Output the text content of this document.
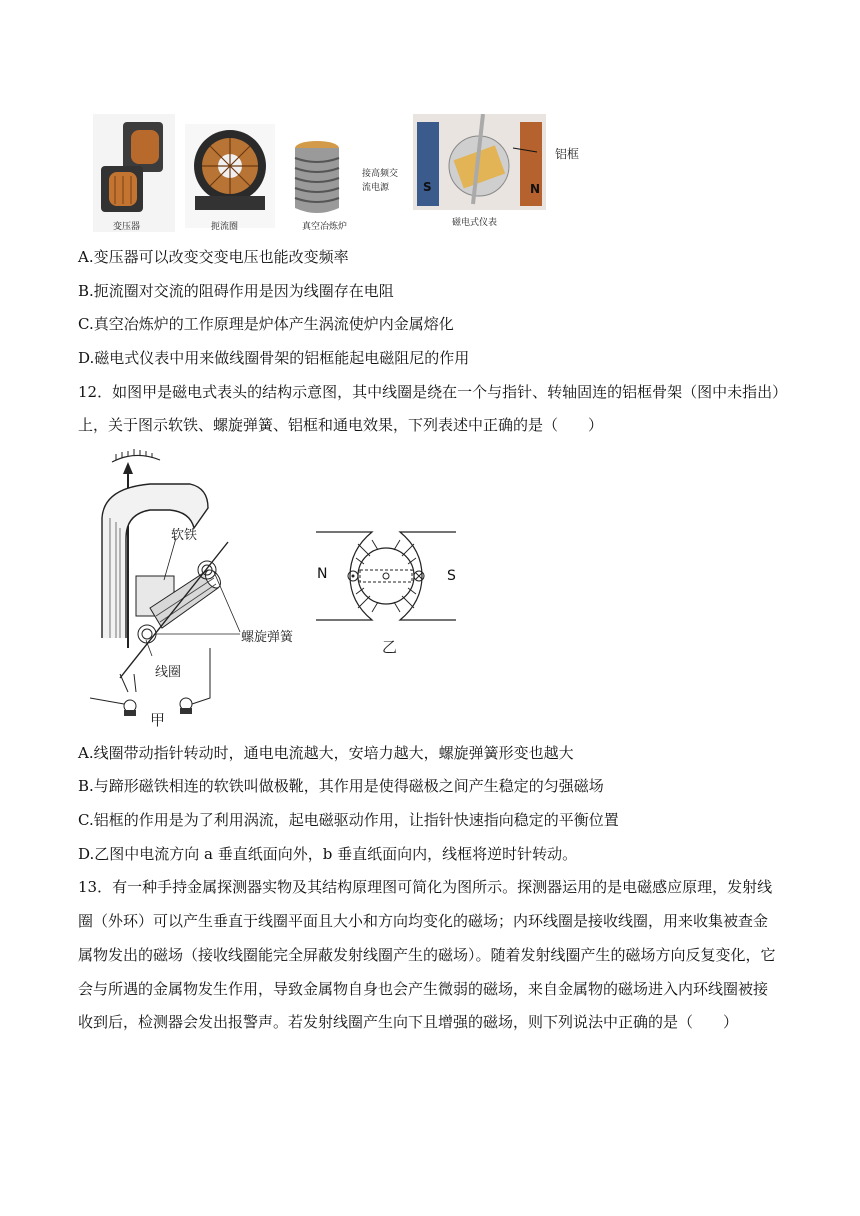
变压器	扼流圈
接高频交
流电源
真空冶炼炉
铝框
S	N
磁电式仪表
A.变压器可以改变交变电压也能改变频率
B.扼流圈对交流的阻碍作用是因为线圈存在电阻
C.真空冶炼炉的工作原理是炉体产生涡流使炉内金属熔化
D.磁电式仪表中用来做线圈骨架的铝框能起电磁阻尼的作用
12．如图甲是磁电式表头的结构示意图，其中线圈是绕在一个与指针、转轴固连的铝框骨架（图中未指出）
上，关于图示软铁、螺旋弹簧、铝框和通电效果，下列表述中正确的是（　　）
软铁
螺旋弹簧
线圈
甲
N	S
乙
A.线圈带动指针转动时，通电电流越大，安培力越大，螺旋弹簧形变也越大
B.与蹄形磁铁相连的软铁叫做极靴，其作用是使得磁极之间产生稳定的匀强磁场
C.铝框的作用是为了利用涡流，起电磁驱动作用，让指针快速指向稳定的平衡位置
D.乙图中电流方向 a 垂直纸面向外，b 垂直纸面向内，线框将逆时针转动。
13．有一种手持金属探测器实物及其结构原理图可简化为图所示。探测器运用的是电磁感应原理，发射线
圈（外环）可以产生垂直于线圈平面且大小和方向均变化的磁场；内环线圈是接收线圈，用来收集被查金
属物发出的磁场（接收线圈能完全屏蔽发射线圈产生的磁场）。随着发射线圈产生的磁场方向反复变化，它
会与所遇的金属物发生作用，导致金属物自身也会产生微弱的磁场，来自金属物的磁场进入内环线圈被接
收到后，检测器会发出报警声。若发射线圈产生向下且增强的磁场，则下列说法中正确的是（　　）
